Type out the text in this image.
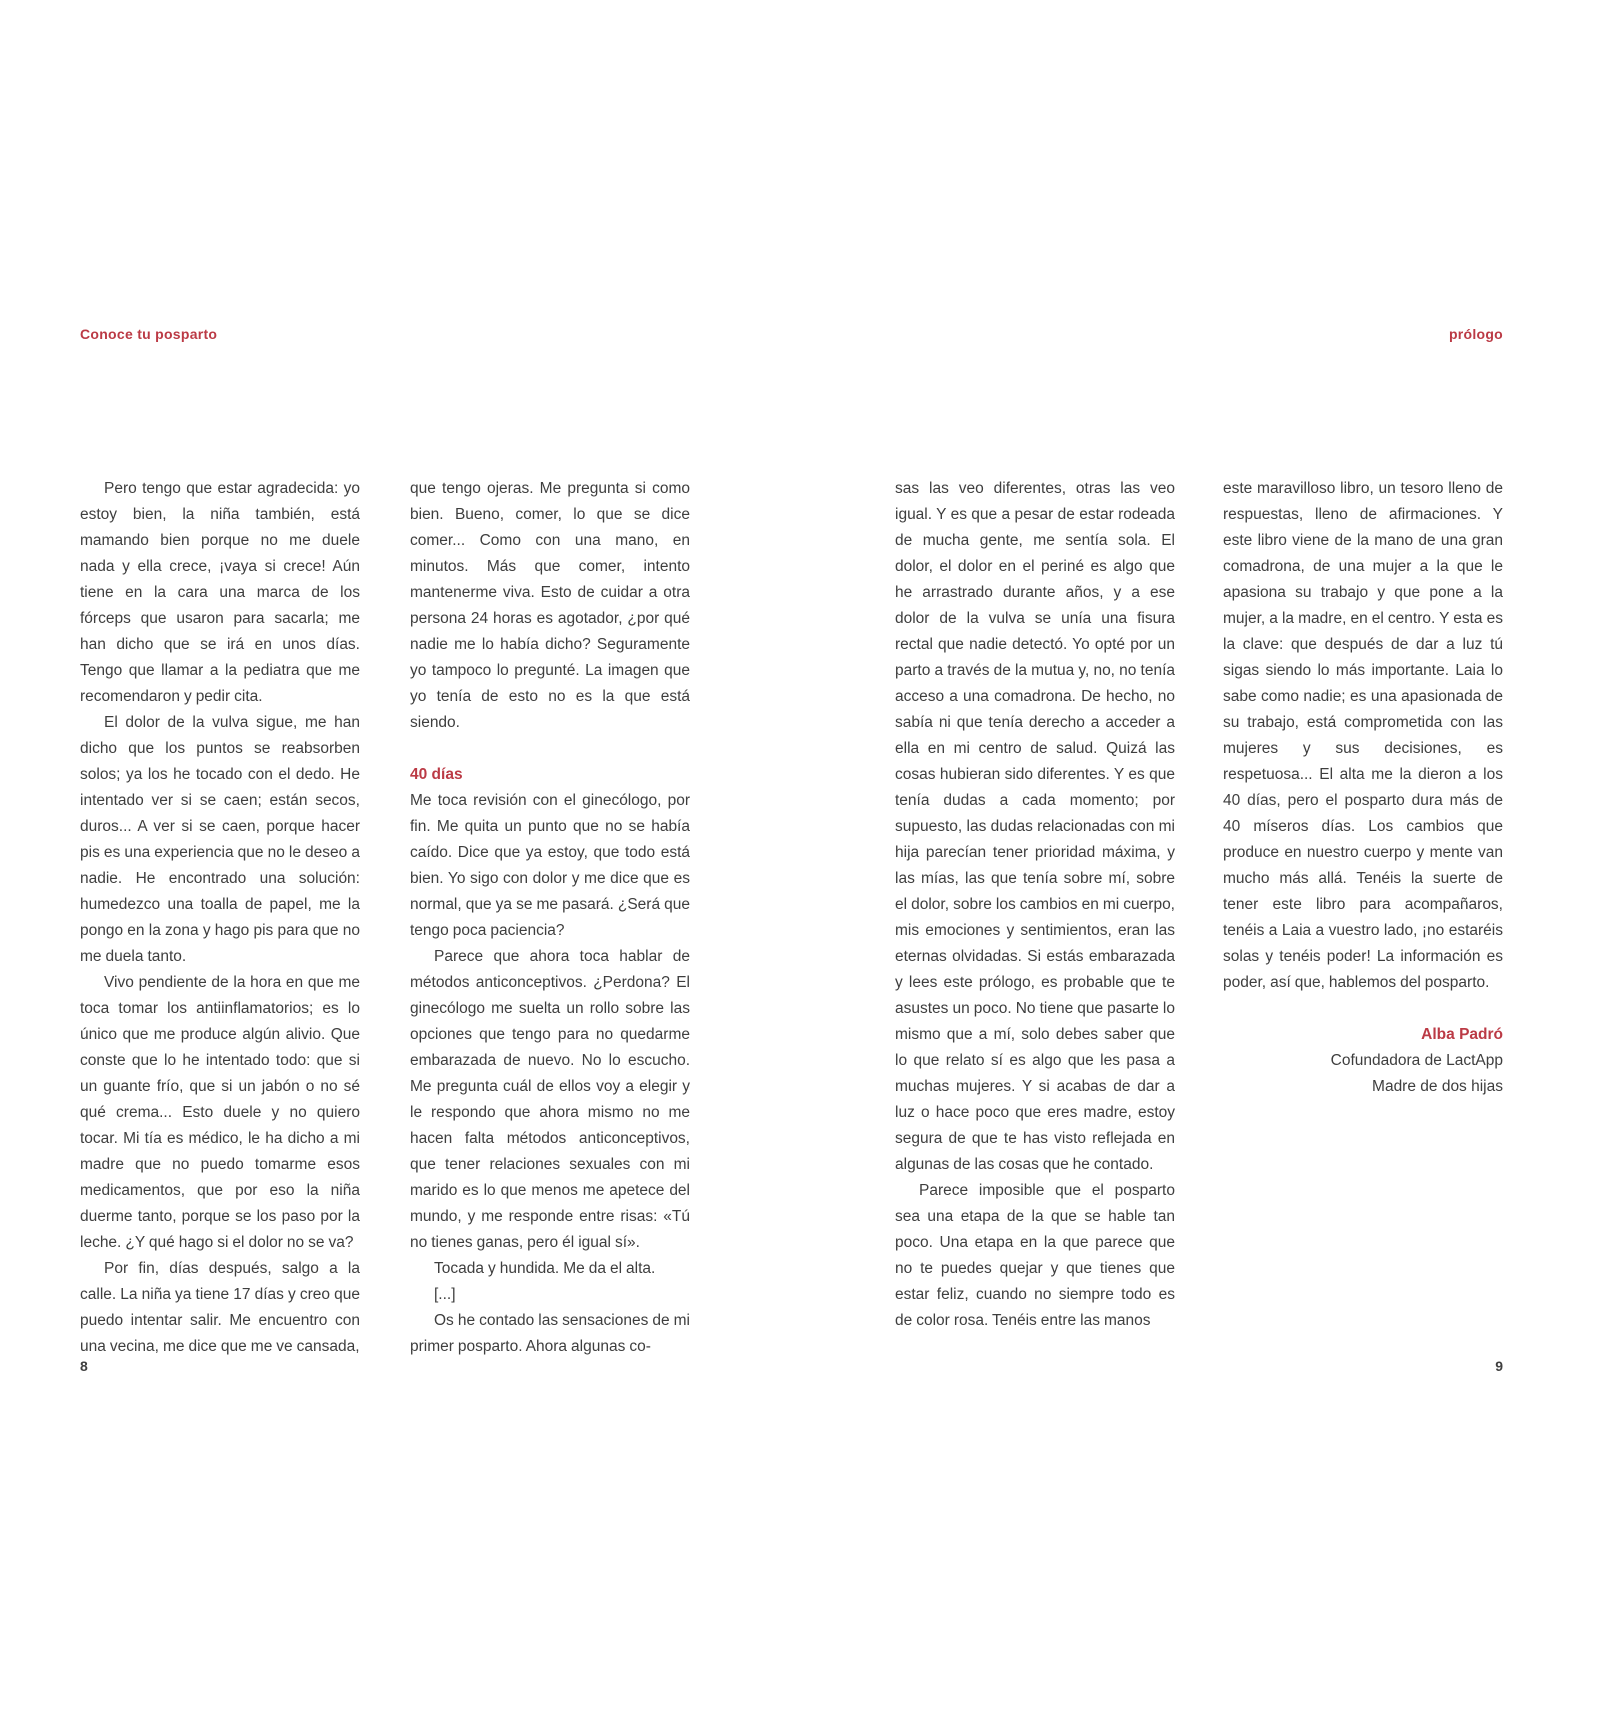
Conoce tu posparto	prólogo

Pero tengo que estar agradecida: yo estoy bien, la niña también, está mamando bien porque no me duele nada y ella crece, ¡vaya si crece! Aún tiene en la cara una marca de los fórceps que usaron para sacarla; me han dicho que se irá en unos días. Tengo que llamar a la pediatra que me recomendaron y pedir cita.

El dolor de la vulva sigue, me han dicho que los puntos se reabsorben solos; ya los he tocado con el dedo. He intentado ver si se caen; están secos, duros... A ver si se caen, porque hacer pis es una experiencia que no le deseo a nadie. He encontrado una solución: humedezco una toalla de papel, me la pongo en la zona y hago pis para que no me duela tanto.

Vivo pendiente de la hora en que me toca tomar los antiinflamatorios; es lo único que me produce algún alivio. Que conste que lo he intentado todo: que si un guante frío, que si un jabón o no sé qué crema... Esto duele y no quiero tocar. Mi tía es médico, le ha dicho a mi madre que no puedo tomarme esos medicamentos, que por eso la niña duerme tanto, porque se los paso por la leche. ¿Y qué hago si el dolor no se va?

Por fin, días después, salgo a la calle. La niña ya tiene 17 días y creo que puedo intentar salir. Me encuentro con una vecina, me dice que me ve cansada,

que tengo ojeras. Me pregunta si como bien. Bueno, comer, lo que se dice comer... Como con una mano, en minutos. Más que comer, intento mantenerme viva. Esto de cuidar a otra persona 24 horas es agotador, ¿por qué nadie me lo había dicho? Seguramente yo tampoco lo pregunté. La imagen que yo tenía de esto no es la que está siendo.

40 días

Me toca revisión con el ginecólogo, por fin. Me quita un punto que no se había caído. Dice que ya estoy, que todo está bien. Yo sigo con dolor y me dice que es normal, que ya se me pasará. ¿Será que tengo poca paciencia?

Parece que ahora toca hablar de métodos anticonceptivos. ¿Perdona? El ginecólogo me suelta un rollo sobre las opciones que tengo para no quedarme embarazada de nuevo. No lo escucho. Me pregunta cuál de ellos voy a elegir y le respondo que ahora mismo no me hacen falta métodos anticonceptivos, que tener relaciones sexuales con mi marido es lo que menos me apetece del mundo, y me responde entre risas: «Tú no tienes ganas, pero él igual sí».

Tocada y hundida. Me da el alta.

[...]

Os he contado las sensaciones de mi primer posparto. Ahora algunas co-

sas las veo diferentes, otras las veo igual. Y es que a pesar de estar rodeada de mucha gente, me sentía sola. El dolor, el dolor en el periné es algo que he arrastrado durante años, y a ese dolor de la vulva se unía una fisura rectal que nadie detectó. Yo opté por un parto a través de la mutua y, no, no tenía acceso a una comadrona. De hecho, no sabía ni que tenía derecho a acceder a ella en mi centro de salud. Quizá las cosas hubieran sido diferentes. Y es que tenía dudas a cada momento; por supuesto, las dudas relacionadas con mi hija parecían tener prioridad máxima, y las mías, las que tenía sobre mí, sobre el dolor, sobre los cambios en mi cuerpo, mis emociones y sentimientos, eran las eternas olvidadas. Si estás embarazada y lees este prólogo, es probable que te asustes un poco. No tiene que pasarte lo mismo que a mí, solo debes saber que lo que relato sí es algo que les pasa a muchas mujeres. Y si acabas de dar a luz o hace poco que eres madre, estoy segura de que te has visto reflejada en algunas de las cosas que he contado.

Parece imposible que el posparto sea una etapa de la que se hable tan poco. Una etapa en la que parece que no te puedes quejar y que tienes que estar feliz, cuando no siempre todo es de color rosa. Tenéis entre las manos

este maravilloso libro, un tesoro lleno de respuestas, lleno de afirmaciones. Y este libro viene de la mano de una gran comadrona, de una mujer a la que le apasiona su trabajo y que pone a la mujer, a la madre, en el centro. Y esta es la clave: que después de dar a luz tú sigas siendo lo más importante. Laia lo sabe como nadie; es una apasionada de su trabajo, está comprometida con las mujeres y sus decisiones, es respetuosa... El alta me la dieron a los 40 días, pero el posparto dura más de 40 míseros días. Los cambios que produce en nuestro cuerpo y mente van mucho más allá. Tenéis la suerte de tener este libro para acompañaros, tenéis a Laia a vuestro lado, ¡no estaréis solas y tenéis poder! La información es poder, así que, hablemos del posparto.

Alba Padró
Cofundadora de LactApp
Madre de dos hijas
8	9
